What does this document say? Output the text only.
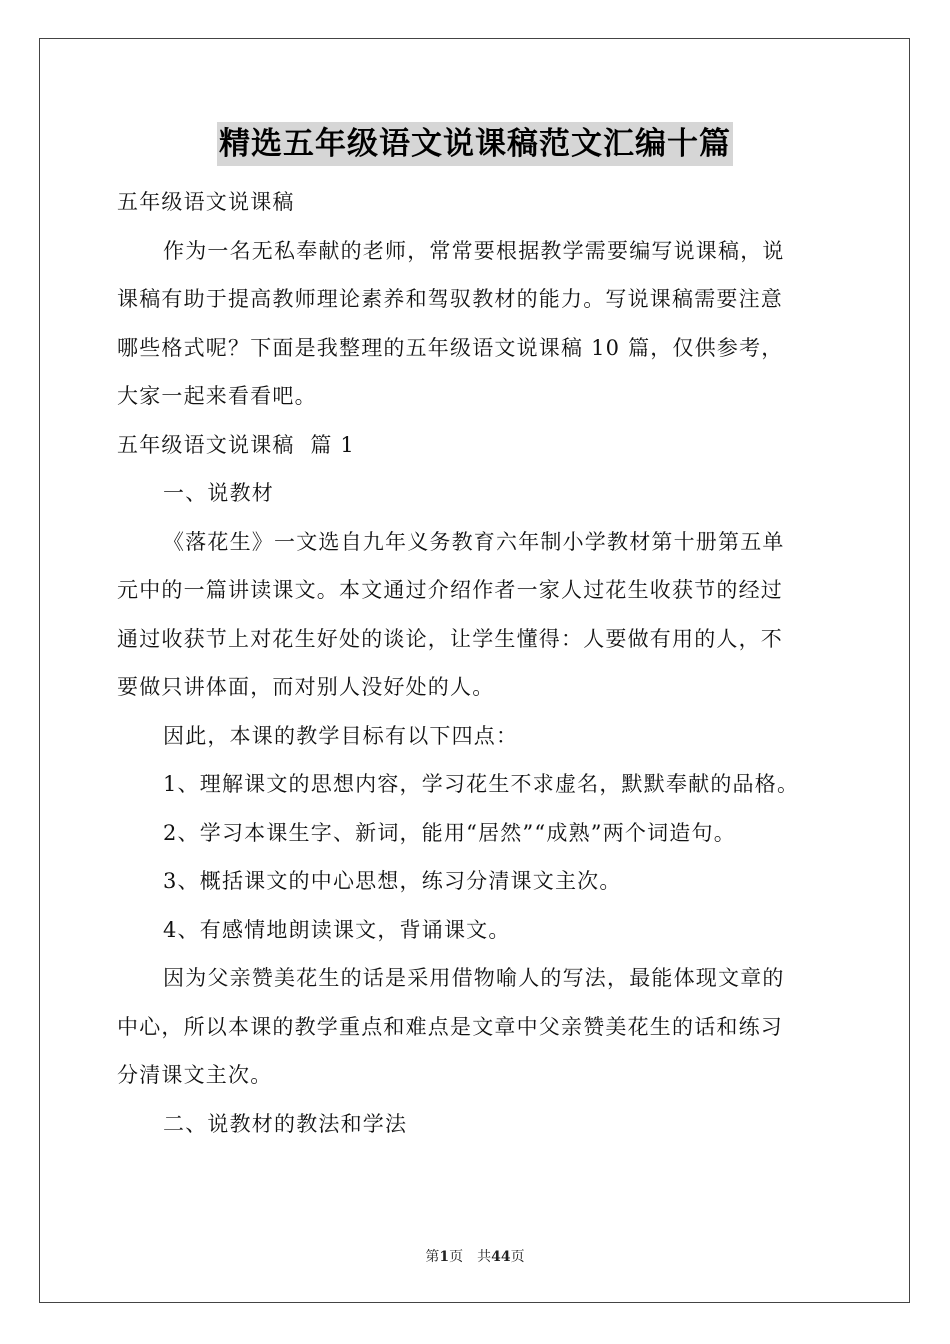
精选五年级语文说课稿范文汇编十篇

五年级语文说课稿

作为一名无私奉献的老师，常常要根据教学需要编写说课稿，说

课稿有助于提高教师理论素养和驾驭教材的能力。写说课稿需要注意

哪些格式呢？下面是我整理的五年级语文说课稿 10 篇，仅供参考，

大家一起来看看吧。

五年级语文说课稿  篇 1

一、说教材

《落花生》一文选自九年义务教育六年制小学教材第十册第五单

元中的一篇讲读课文。本文通过介绍作者一家人过花生收获节的经过

通过收获节上对花生好处的谈论，让学生懂得：人要做有用的人，不

要做只讲体面，而对别人没好处的人。

因此，本课的教学目标有以下四点：

1、理解课文的思想内容，学习花生不求虚名，默默奉献的品格。

2、学习本课生字、新词，能用“居然”“成熟”两个词造句。

3、概括课文的中心思想，练习分清课文主次。

4、有感情地朗读课文，背诵课文。

因为父亲赞美花生的话是采用借物喻人的写法，最能体现文章的

中心，所以本课的教学重点和难点是文章中父亲赞美花生的话和练习

分清课文主次。

二、说教材的教法和学法

第1页 共44页
